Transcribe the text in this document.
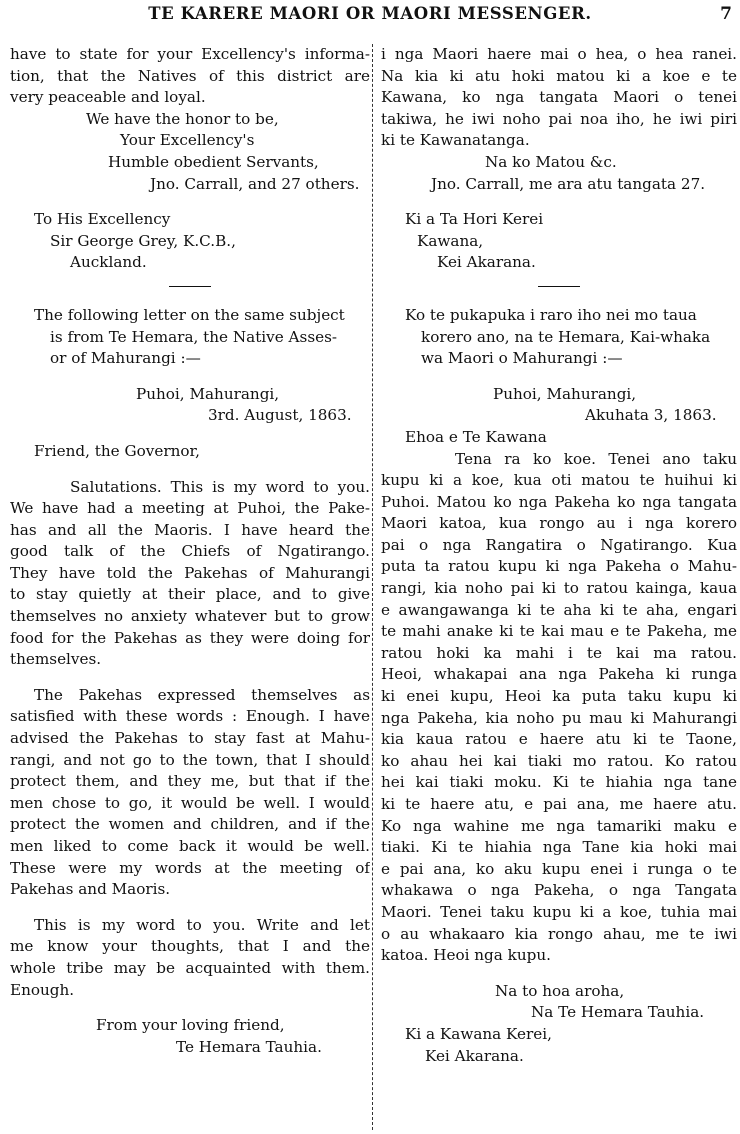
TE KARERE MAORI OR MAORI MESSENGER.	7
have to state for your Excellency's informa-
tion, that the Natives of this district are
very peaceable and loyal.
We have the honor to be,
Your Excellency's
Humble obedient Servants,
Jno. Carrall, and 27 others.
To His Excellency
Sir George Grey, K.C.B.,
Auckland.
The following letter on the same subject
is from Te Hemara, the Native Asses-
or of Mahurangi :—
Puhoi, Mahurangi,
3rd. August, 1863.
Friend, the Governor,
Salutations. This is my word to you.
We have had a meeting at Puhoi, the Pake-
has and all the Maoris. I have heard the
good talk of the Chiefs of Ngatirango.
They have told the Pakehas of Mahurangi
to stay quietly at their place, and to give
themselves no anxiety whatever but to grow
food for the Pakehas as they were doing for
themselves.
The Pakehas expressed themselves as
satisfied with these words : Enough. I have
advised the Pakehas to stay fast at Mahu-
rangi, and not go to the town, that I should
protect them, and they me, but that if the
men chose to go, it would be well. I would
protect the women and children, and if the
men liked to come back it would be well.
These were my words at the meeting of
Pakehas and Maoris.
This is my word to you. Write and let
me know your thoughts, that I and the
whole tribe may be acquainted with them.
Enough.
From your loving friend,
Te Hemara Tauhia.
i nga Maori haere mai o hea, o hea ranei.
Na kia ki atu hoki matou ki a koe e te
Kawana, ko nga tangata Maori o tenei
takiwa, he iwi noho pai noa iho, he iwi piri
ki te Kawanatanga.
Na ko Matou &c.
Jno. Carrall, me ara atu tangata 27.
Ki a Ta Hori Kerei
Kawana,
Kei Akarana.
Ko te pukapuka i raro iho nei mo taua
korero ano, na te Hemara, Kai-whaka
wa Maori o Mahurangi :—
Puhoi, Mahurangi,
Akuhata 3, 1863.
Ehoa e Te Kawana
Tena ra ko koe. Tenei ano taku
kupu ki a koe, kua oti matou te huihui ki
Puhoi. Matou ko nga Pakeha ko nga tangata
Maori katoa, kua rongo au i nga korero
pai o nga Rangatira o Ngatirango. Kua
puta ta ratou kupu ki nga Pakeha o Mahu-
rangi, kia noho pai ki to ratou kainga, kaua
e awangawanga ki te aha ki te aha, engari
te mahi anake ki te kai mau e te Pakeha, me
ratou hoki ka mahi i te kai ma ratou.
Heoi, whakapai ana nga Pakeha ki runga
ki enei kupu, Heoi ka puta taku kupu ki
nga Pakeha, kia noho pu mau ki Mahurangi
kia kaua ratou e haere atu ki te Taone,
ko ahau hei kai tiaki mo ratou. Ko ratou
hei kai tiaki moku. Ki te hiahia nga tane
ki te haere atu, e pai ana, me haere atu.
Ko nga wahine me nga tamariki maku e
tiaki. Ki te hiahia nga Tane kia hoki mai
e pai ana, ko aku kupu enei i runga o te
whakawa o nga Pakeha, o nga Tangata
Maori. Tenei taku kupu ki a koe, tuhia mai
o au whakaaro kia rongo ahau, me te iwi
katoa. Heoi nga kupu.
Na to hoa aroha,
Na Te Hemara Tauhia.
Ki a Kawana Kerei,
Kei Akarana.
